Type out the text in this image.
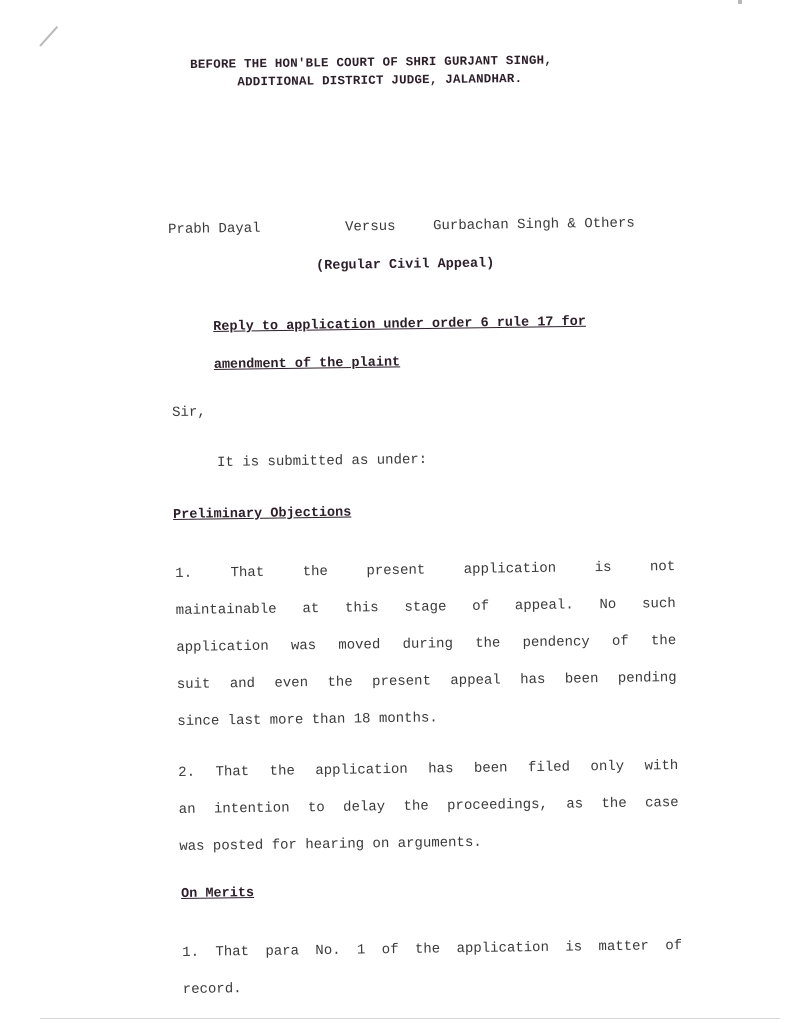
BEFORE THE HON'BLE COURT OF SHRI GURJANT SINGH,
ADDITIONAL DISTRICT JUDGE, JALANDHAR.
Prabh Dayal	Versus	Gurbachan Singh & Others
(Regular Civil Appeal)
Reply to application under order 6 rule 17 for
amendment of the plaint
Sir,
It is submitted as under:
Preliminary Objections
1.	That	the	present	application	is	not
maintainable at this stage of appeal. No such
application was moved during the pendency of the
suit and even the present appeal has been pending
since last more than 18 months.
2. That the application has been filed only with
an intention to delay the proceedings, as the case
was posted for hearing on arguments.
On Merits
1. That para No. 1 of the application is matter of
record.
